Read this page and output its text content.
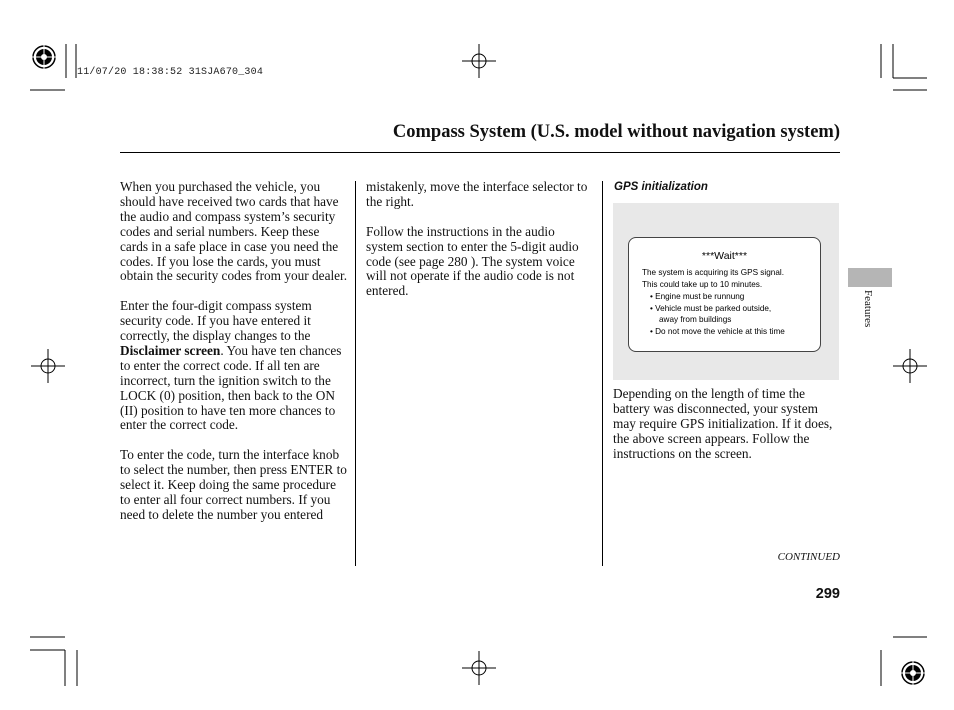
11/07/20 18:38:52 31SJA670_304
Compass System (U.S. model without navigation system)

When you purchased the vehicle, you should have received two cards that have the audio and compass system’s security codes and serial numbers. Keep these cards in a safe place in case you need the codes. If you lose the cards, you must obtain the security codes from your dealer.

Enter the four-digit compass system security code. If you have entered it correctly, the display changes to the Disclaimer screen. You have ten chances to enter the correct code. If all ten are incorrect, turn the ignition switch to the LOCK (0) position, then back to the ON (II) position to have ten more chances to enter the correct code.

To enter the code, turn the interface knob to select the number, then press ENTER to select it. Keep doing the same procedure to enter all four correct numbers. If you need to delete the number you entered

mistakenly, move the interface selector to the right.

Follow the instructions in the audio system section to enter the 5-digit audio code (see page 280 ). The system voice will not operate if the audio code is not entered.

GPS initialization
***Wait***
The system is acquiring its GPS signal.
This could take up to 10 minutes.
• Engine must be runnung
• Vehicle must be parked outside,
away from buildings
• Do not move the vehicle at this time

Depending on the length of time the battery was disconnected, your system may require GPS initialization. If it does, the above screen appears. Follow the instructions on the screen.

Features
CONTINUED
299
